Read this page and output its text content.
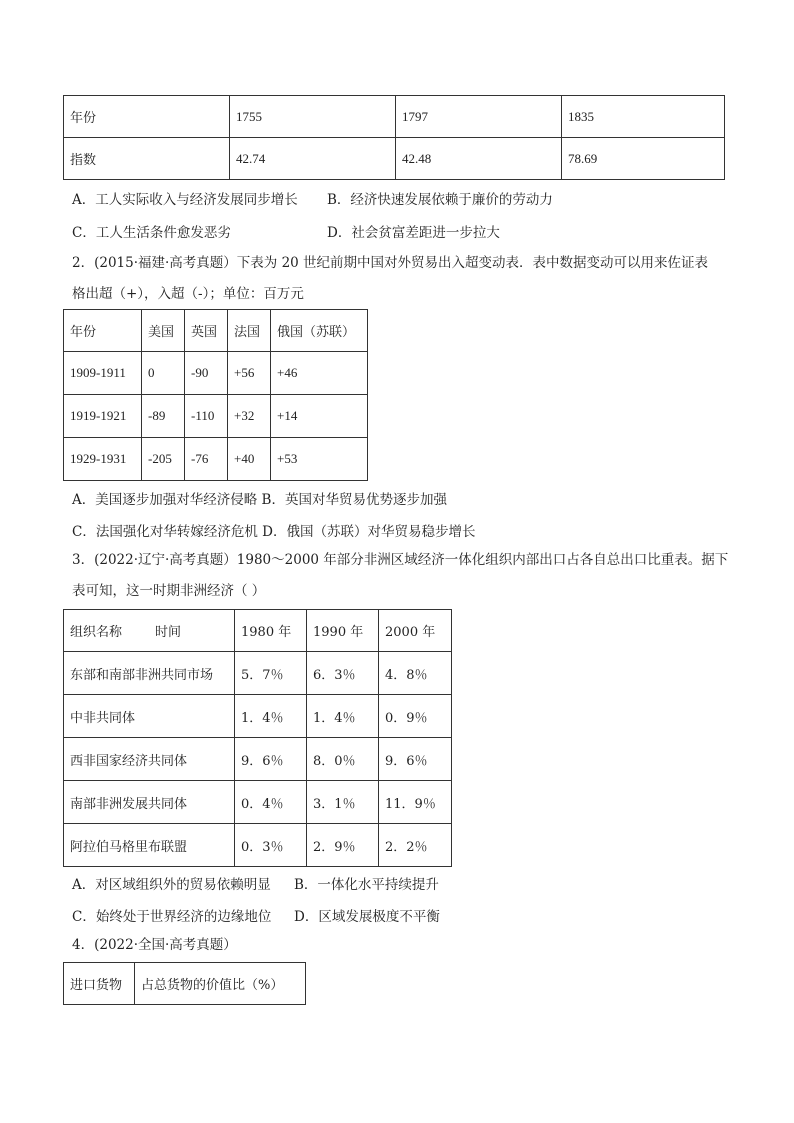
年份	1755	1797	1835
指数	42.74	42.48	78.69
A．工人实际收入与经济发展同步增长 B．经济快速发展依赖于廉价的劳动力
C．工人生活条件愈发恶劣	D．社会贫富差距进一步拉大
2．(2015·福建·高考真题）下表为 20 世纪前期中国对外贸易出入超变动表．表中数据变动可以用来佐证表
格出超（+），入超（-）；单位：百万元
年份	美国	英国	法国	俄国（苏联）
1909-1911	0	-90	+56	+46
1919-1921	-89	-110	+32	+14
1929-1931	-205	-76	+40	+53
A．美国逐步加强对华经济侵略 B．英国对华贸易优势逐步加强
C．法国强化对华转嫁经济危机 D．俄国（苏联）对华贸易稳步增长
3．(2022·辽宁·高考真题）1980～2000 年部分非洲区域经济一体化组织内部出口占各自总出口比重表。据下
表可知，这一时期非洲经济（ ）
组织名称        时间	1980 年	1990 年	2000 年
东部和南部非洲共同市场	5．7％	6．3％	4．8％
中非共同体	1．4％	1．4％	0．9％
西非国家经济共同体	9．6％	8．0％	9．6％
南部非洲发展共同体	0．4％	3．1％	11．9％
阿拉伯马格里布联盟	0．3％	2．9％	2．2％
A．对区域组织外的贸易依赖明显 B．一体化水平持续提升
C．始终处于世界经济的边缘地位 D．区域发展极度不平衡
4．(2022·全国·高考真题）
进口货物	占总货物的价值比（%）
